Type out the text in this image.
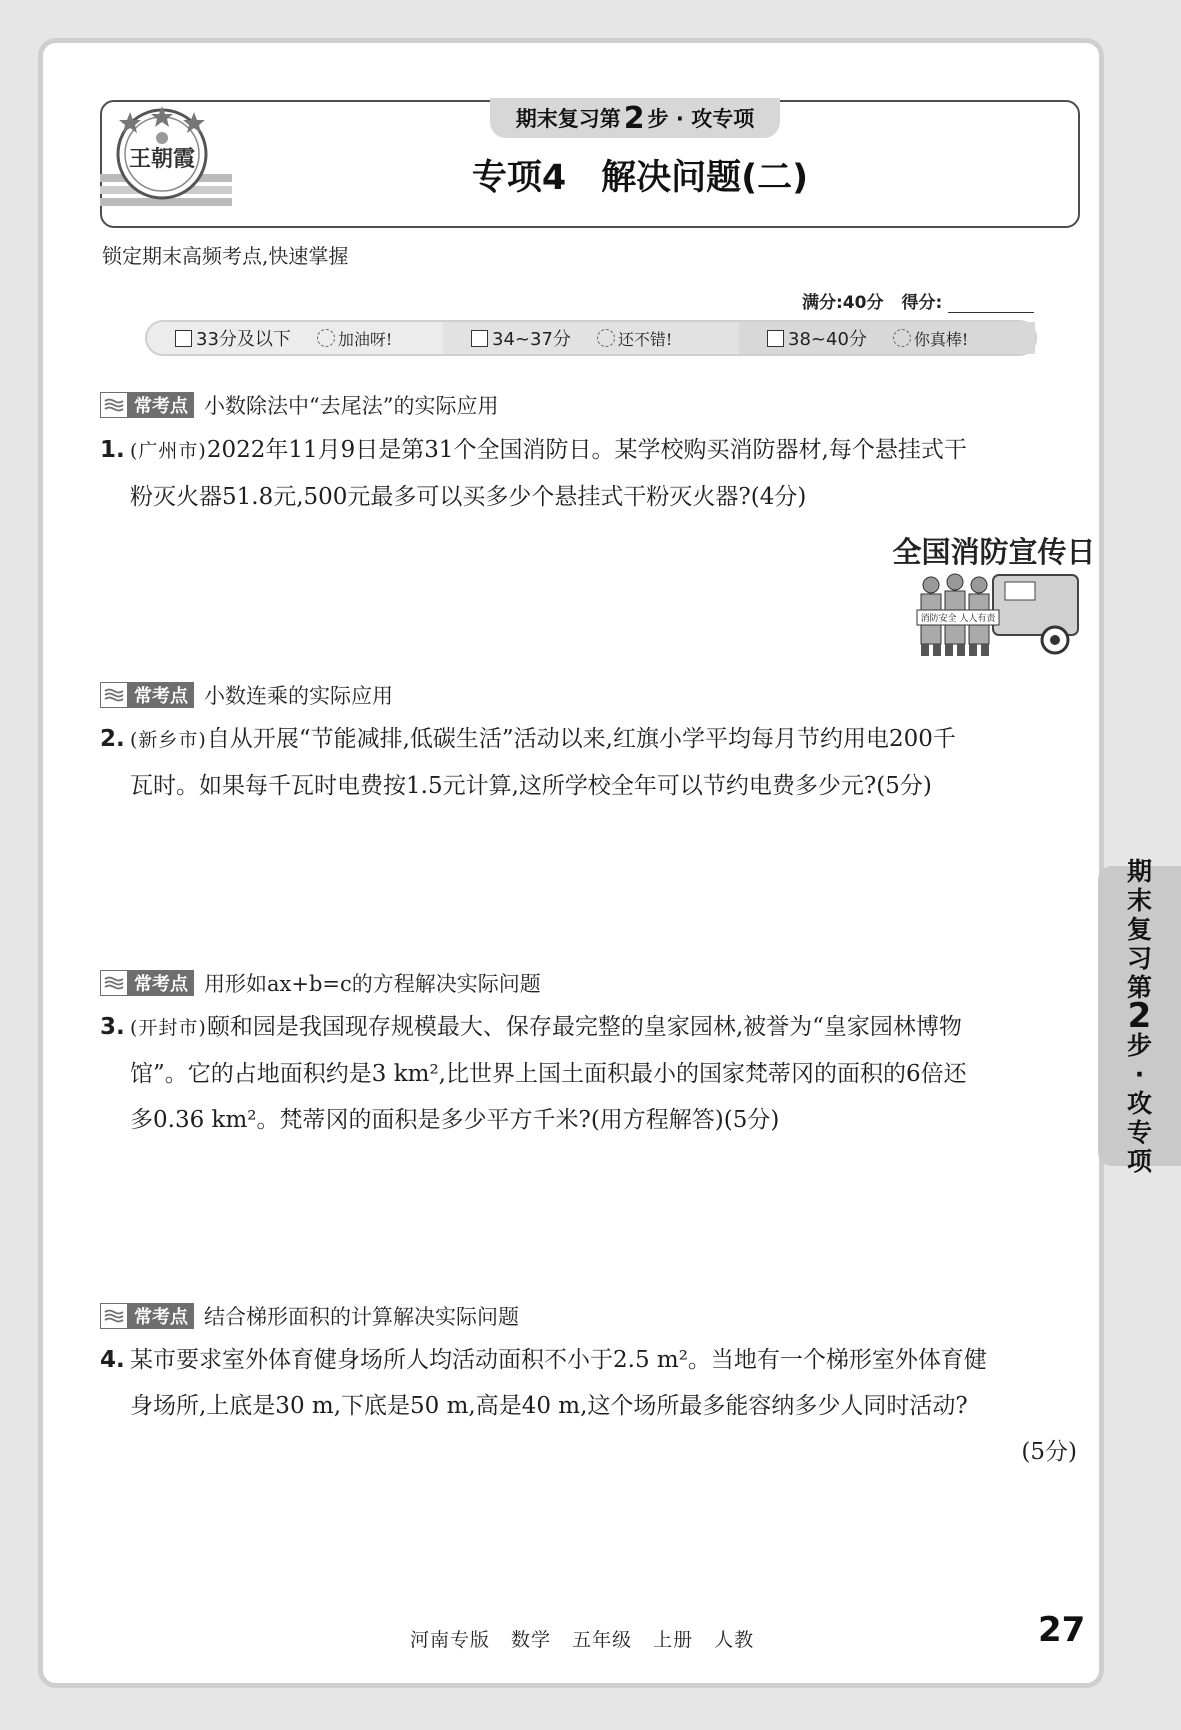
王朝霞
期末复习第 2 步 · 攻专项
专项4　解决问题(二)
锁定期末高频考点,快速掌握
满分:40分 得分:
33分及以下	加油呀!	34~37分	还不错!	38~40分	你真棒!
常考点 小数除法中“去尾法”的实际应用
1. (广州市)2022年11月9日是第31个全国消防日。某学校购买消防器材,每个悬挂式干
粉灭火器51.8元,500元最多可以买多少个悬挂式干粉灭火器?(4分)
全国消防宣传日
消防安全 人人有责
常考点 小数连乘的实际应用
2. (新乡市)自从开展“节能减排,低碳生活”活动以来,红旗小学平均每月节约用电200千
瓦时。如果每千瓦时电费按1.5元计算,这所学校全年可以节约电费多少元?(5分)
常考点 用形如ax+b=c的方程解决实际问题
3. (开封市)颐和园是我国现存规模最大、保存最完整的皇家园林,被誉为“皇家园林博物
馆”。它的占地面积约是3 km²,比世界上国土面积最小的国家梵蒂冈的面积的6倍还
多0.36 km²。梵蒂冈的面积是多少平方千米?(用方程解答)(5分)
常考点 结合梯形面积的计算解决实际问题
4. 某市要求室外体育健身场所人均活动面积不小于2.5 m²。当地有一个梯形室外体育健
身场所,上底是30 m,下底是50 m,高是40 m,这个场所最多能容纳多少人同时活动?
(5分)
期
末
复
习
第
2
步
·
攻
专
项
河南专版 数学 五年级 上册 人教	27
